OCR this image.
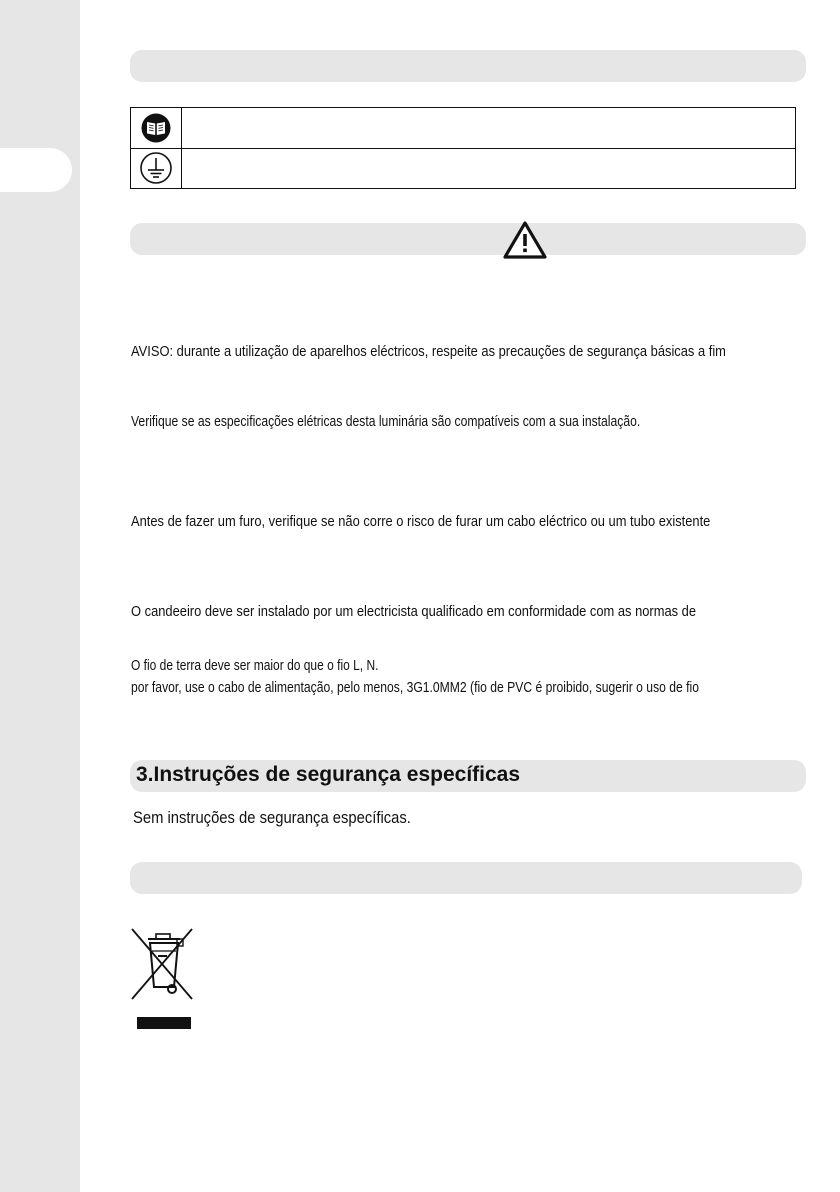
AVISO: durante a utilização de aparelhos eléctricos, respeite as precauções de segurança básicas a fim
Verifique se as especificações elétricas desta luminária são compatíveis com a sua instalação.
Antes de fazer um furo, verifique se não corre o risco de furar um cabo eléctrico ou um tubo existente
O candeeiro deve ser instalado por um electricista qualificado em conformidade com as normas de
O fio de terra deve ser maior do que o fio L, N.
por favor, use o cabo de alimentação, pelo menos, 3G1.0MM2 (fio de PVC é proibido, sugerir o uso de fio
3.Instruções de segurança específicas
Sem instruções de segurança específicas.
